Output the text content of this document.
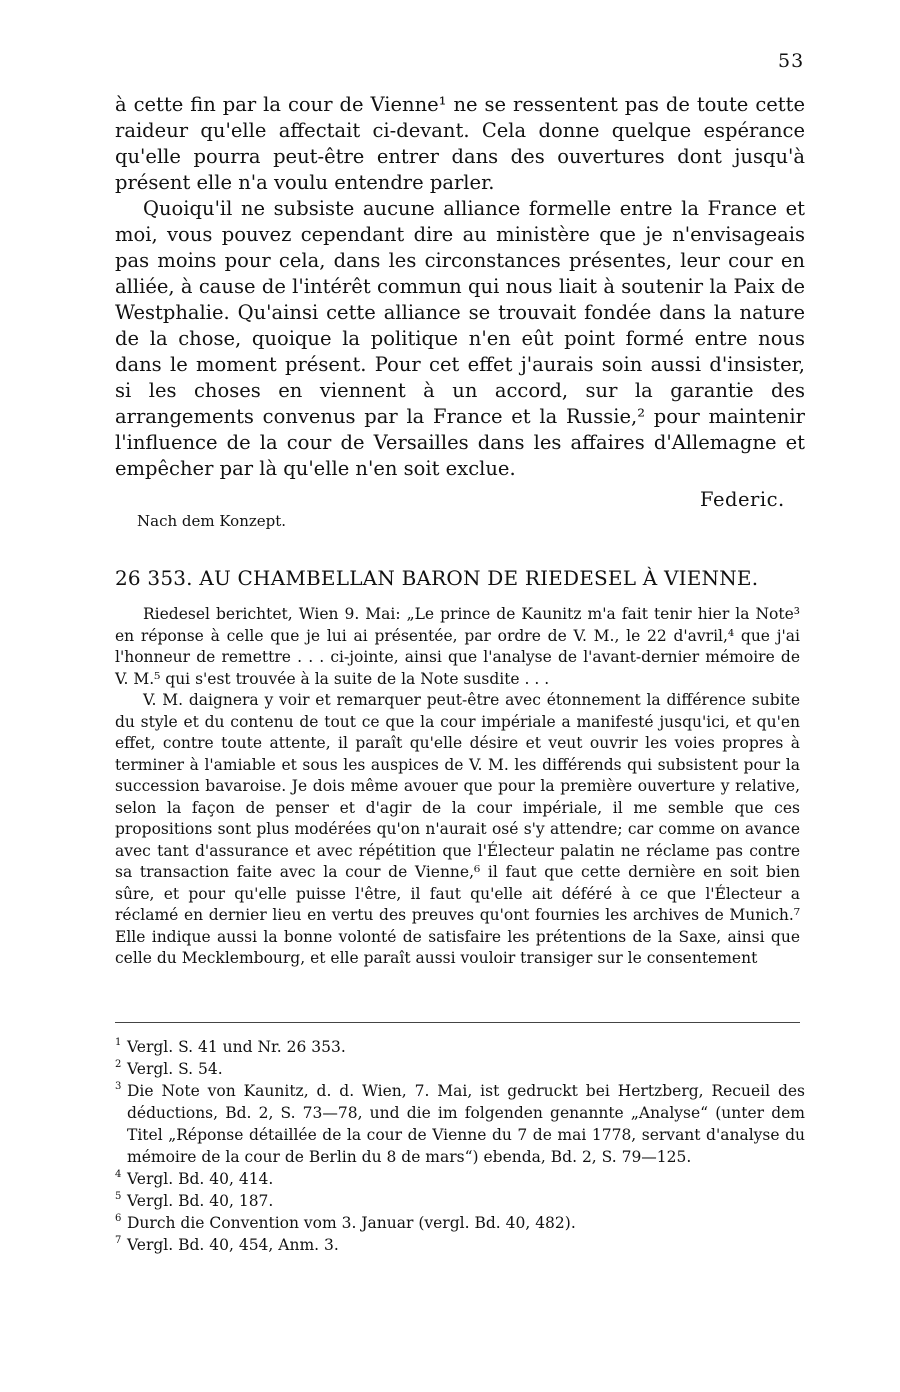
53

à cette fin par la cour de Vienne¹ ne se ressentent pas de toute cette raideur qu'elle affectait ci-devant. Cela donne quelque espérance qu'elle pourra peut-être entrer dans des ouvertures dont jusqu'à présent elle n'a voulu entendre parler.

Quoiqu'il ne subsiste aucune alliance formelle entre la France et moi, vous pouvez cependant dire au ministère que je n'envisageais pas moins pour cela, dans les circonstances présentes, leur cour en alliée, à cause de l'intérêt commun qui nous liait à soutenir la Paix de Westphalie. Qu'ainsi cette alliance se trouvait fondée dans la nature de la chose, quoique la politique n'en eût point formé entre nous dans le moment présent. Pour cet effet j'aurais soin aussi d'insister, si les choses en viennent à un accord, sur la garantie des arrangements convenus par la France et la Russie,² pour maintenir l'influence de la cour de Versailles dans les affaires d'Allemagne et empêcher par là qu'elle n'en soit exclue.

Federic.
Nach dem Konzept.
26 353. AU CHAMBELLAN BARON DE RIEDESEL À VIENNE.

Riedesel berichtet, Wien 9. Mai: „Le prince de Kaunitz m'a fait tenir hier la Note³ en réponse à celle que je lui ai présentée, par ordre de V. M., le 22 d'avril,⁴ que j'ai l'honneur de remettre . . . ci-jointe, ainsi que l'analyse de l'avant-dernier mémoire de V. M.⁵ qui s'est trouvée à la suite de la Note susdite . . .

V. M. daignera y voir et remarquer peut-être avec étonnement la différence subite du style et du contenu de tout ce que la cour impériale a manifesté jusqu'ici, et qu'en effet, contre toute attente, il paraît qu'elle désire et veut ouvrir les voies propres à terminer à l'amiable et sous les auspices de V. M. les différends qui subsistent pour la succession bavaroise. Je dois même avouer que pour la première ouverture y relative, selon la façon de penser et d'agir de la cour impériale, il me semble que ces propositions sont plus modérées qu'on n'aurait osé s'y attendre; car comme on avance avec tant d'assurance et avec répétition que l'Électeur palatin ne réclame pas contre sa transaction faite avec la cour de Vienne,⁶ il faut que cette dernière en soit bien sûre, et pour qu'elle puisse l'être, il faut qu'elle ait déféré à ce que l'Électeur a réclamé en dernier lieu en vertu des preuves qu'ont fournies les archives de Munich.⁷ Elle indique aussi la bonne volonté de satisfaire les prétentions de la Saxe, ainsi que celle du Mecklembourg, et elle paraît aussi vouloir transiger sur le consentement

1 Vergl. S. 41 und Nr. 26 353.
2 Vergl. S. 54.
3 Die Note von Kaunitz, d. d. Wien, 7. Mai, ist gedruckt bei Hertzberg, Recueil des déductions, Bd. 2, S. 73—78, und die im folgenden genannte „Analyse“ (unter dem Titel „Réponse détaillée de la cour de Vienne du 7 de mai 1778, servant d'analyse du mémoire de la cour de Berlin du 8 de mars“) ebenda, Bd. 2, S. 79—125.
4 Vergl. Bd. 40, 414.
5 Vergl. Bd. 40, 187.
6 Durch die Convention vom 3. Januar (vergl. Bd. 40, 482).
7 Vergl. Bd. 40, 454, Anm. 3.
